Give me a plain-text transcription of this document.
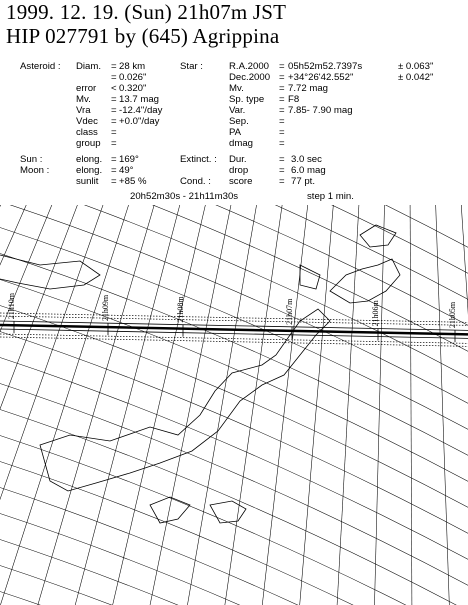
1999. 12. 19. (Sun) 21h07m JST
HIP 027791 by (645) Agrippina
Asteroid : Diam. = 28 km
= 0.026"
error < 0.320"
Mv. = 13.7 mag
Vra = -12.4"/day
Vdec = +0.0"/day
class =
group =
Sun :	elong. = 169°
Moon :	elong. = 49°
sunlit = +85 %
Star :	R.A.2000 = 05h52m52.7397s	± 0.063"
Dec.2000 = +34°26'42.552"	± 0.042"
Mv.	= 7.72 mag
Sp. type = F8
Var.	= 7.85- 7.90 mag
Sep.	=
PA	=
dmag	=
Extinct. : Dur.	= 3.0 sec
drop	= 6.0 mag
Cond. : score	= 77 pt.
20h52m30s - 21h11m30s	step 1 min.
21h10m	21h09m	21h08m	21h07m	21h06m	21h05m
